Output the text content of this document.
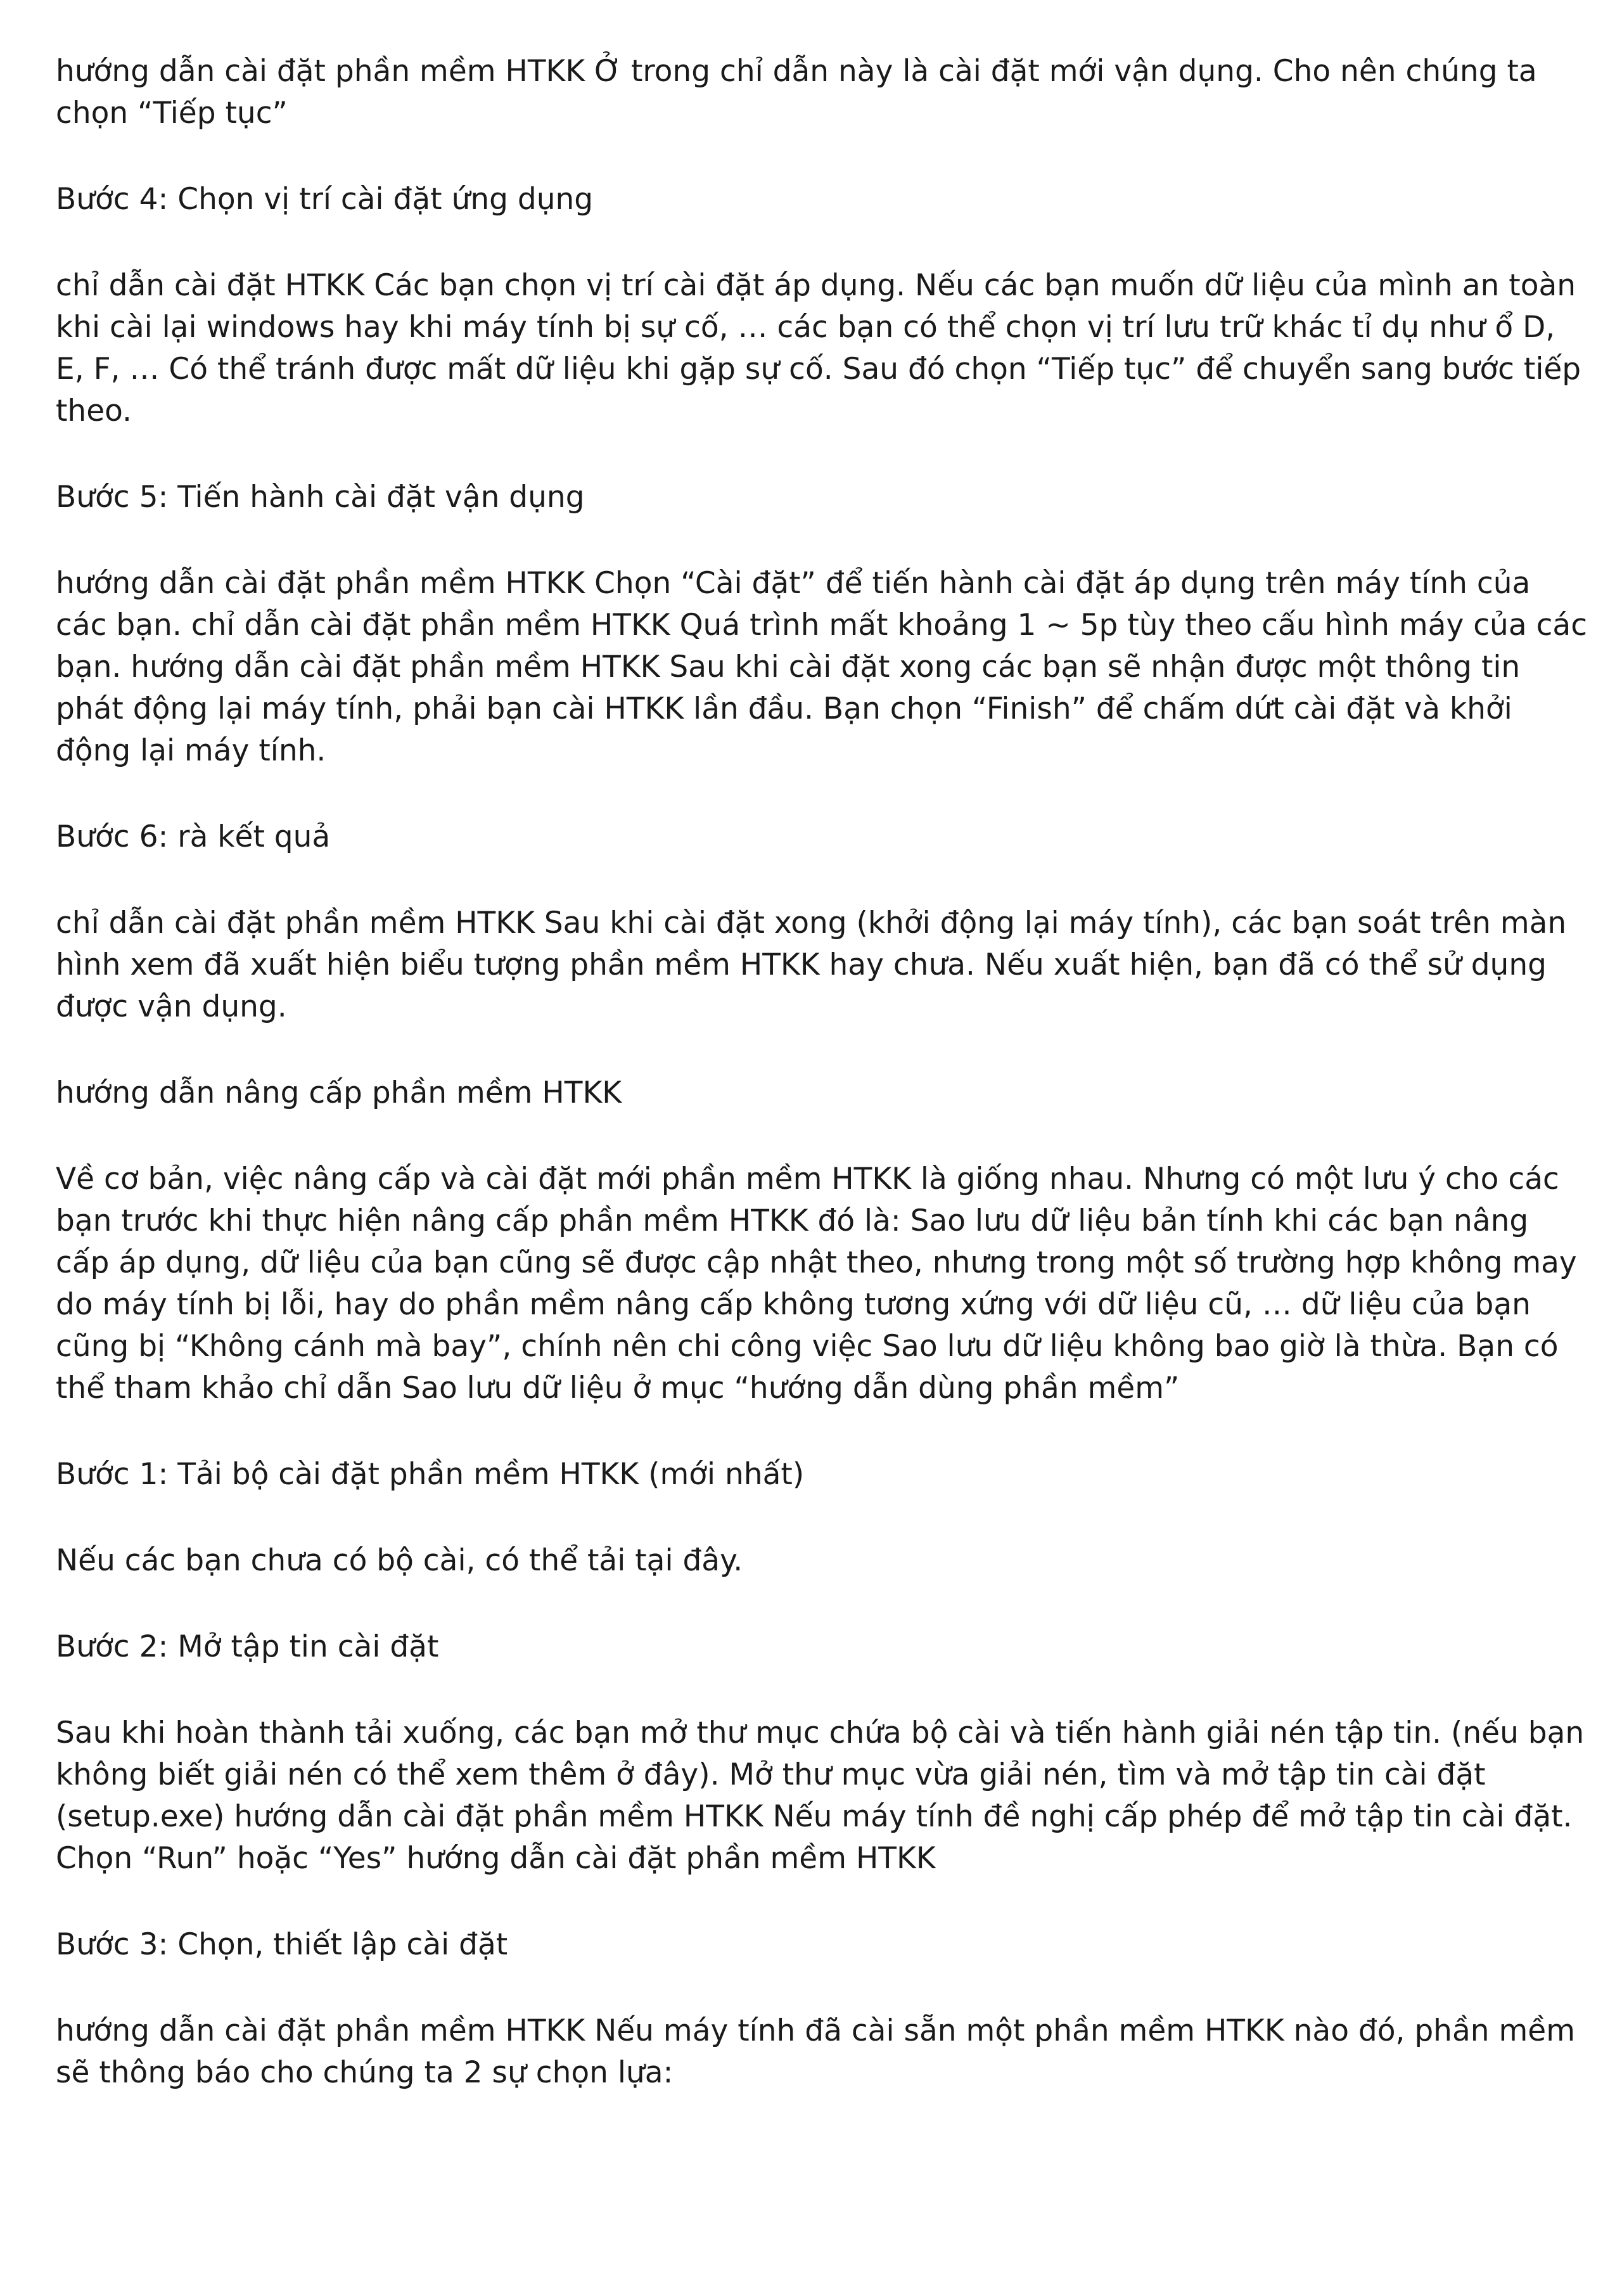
hướng dẫn cài đặt phần mềm HTKK Ở trong chỉ dẫn này là cài đặt mới vận dụng. Cho nên chúng ta chọn “Tiếp tục”

Bước 4: Chọn vị trí cài đặt ứng dụng

chỉ dẫn cài đặt HTKK Các bạn chọn vị trí cài đặt áp dụng. Nếu các bạn muốn dữ liệu của mình an toàn khi cài lại windows hay khi máy tính bị sự cố, … các bạn có thể chọn vị trí lưu trữ khác tỉ dụ như ổ D, E, F, … Có thể tránh được mất dữ liệu khi gặp sự cố. Sau đó chọn “Tiếp tục” để chuyển sang bước tiếp theo.

Bước 5: Tiến hành cài đặt vận dụng

hướng dẫn cài đặt phần mềm HTKK Chọn “Cài đặt” để tiến hành cài đặt áp dụng trên máy tính của các bạn. chỉ dẫn cài đặt phần mềm HTKK Quá trình mất khoảng 1 ~ 5p tùy theo cấu hình máy của các bạn. hướng dẫn cài đặt phần mềm HTKK Sau khi cài đặt xong các bạn sẽ nhận được một thông tin phát động lại máy tính, phải bạn cài HTKK lần đầu. Bạn chọn “Finish” để chấm dứt cài đặt và khởi động lại máy tính.

Bước 6: rà kết quả

chỉ dẫn cài đặt phần mềm HTKK Sau khi cài đặt xong (khởi động lại máy tính), các bạn soát trên màn hình xem đã xuất hiện biểu tượng phần mềm HTKK hay chưa. Nếu xuất hiện, bạn đã có thể sử dụng được vận dụng.

hướng dẫn nâng cấp phần mềm HTKK

Về cơ bản, việc nâng cấp và cài đặt mới phần mềm HTKK là giống nhau. Nhưng có một lưu ý cho các bạn trước khi thực hiện nâng cấp phần mềm HTKK đó là: Sao lưu dữ liệu bản tính khi các bạn nâng cấp áp dụng, dữ liệu của bạn cũng sẽ được cập nhật theo, nhưng trong một số trường hợp không may do máy tính bị lỗi, hay do phần mềm nâng cấp không tương xứng với dữ liệu cũ, … dữ liệu của bạn cũng bị “Không cánh mà bay”, chính nên chi công việc Sao lưu dữ liệu không bao giờ là thừa. Bạn có thể tham khảo chỉ dẫn Sao lưu dữ liệu ở mục “hướng dẫn dùng phần mềm”

Bước 1: Tải bộ cài đặt phần mềm HTKK (mới nhất)

Nếu các bạn chưa có bộ cài, có thể tải tại đây.

Bước 2: Mở tập tin cài đặt

Sau khi hoàn thành tải xuống, các bạn mở thư mục chứa bộ cài và tiến hành giải nén tập tin. (nếu bạn không biết giải nén có thể xem thêm ở đây). Mở thư mục vừa giải nén, tìm và mở tập tin cài đặt (setup.exe) hướng dẫn cài đặt phần mềm HTKK Nếu máy tính đề nghị cấp phép để mở tập tin cài đặt. Chọn “Run” hoặc “Yes” hướng dẫn cài đặt phần mềm HTKK

Bước 3: Chọn, thiết lập cài đặt

hướng dẫn cài đặt phần mềm HTKK Nếu máy tính đã cài sẵn một phần mềm HTKK nào đó, phần mềm sẽ thông báo cho chúng ta 2 sự chọn lựa:
